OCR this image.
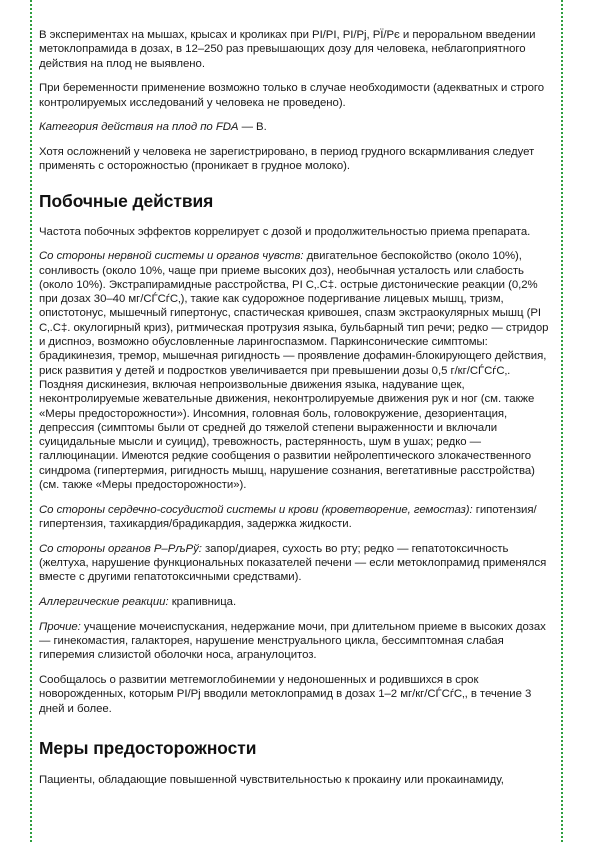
В экспериментах на мышах, крысах и кроликах при РІ/РІ, РІ/Рј, РЇ/Рє и пероральном введении метоклопрамида в дозах, в 12–250 раз превышающих дозу для человека, неблагоприятного действия на плод не выявлено.

При беременности применение возможно только в случае необходимости (адекватных и строго контролируемых исследований у человека не проведено).

Категория действия на плод по FDA — B.

Хотя осложнений у человека не зарегистрировано, в период грудного вскармливания следует применять с осторожностью (проникает в грудное молоко).

Побочные действия

Частота побочных эффектов коррелирует с дозой и продолжительностью приема препарата.

Со стороны нервной системы и органов чувств: двигательное беспокойство (около 10%), сонливость (около 10%, чаще при приеме высоких доз), необычная усталость или слабость (около 10%). Экстрапирамидные расстройства, РІ С‚.С‡. острые дистонические реакции (0,2% при дозах 30–40 мг/СЃСѓС‚), такие как судорожное подергивание лицевых мышц, тризм, опистотонус, мышечный гипертонус, спастическая кривошея, спазм экстраокулярных мышц (РІ С‚.С‡. окулогирный криз), ритмическая протрузия языка, бульбарный тип речи; редко — стридор и диспноэ, возможно обусловленные ларингоспазмом. Паркинсонические симптомы: брадикинезия, тремор, мышечная ригидность — проявление дофамин-блокирующего действия, риск развития у детей и подростков увеличивается при превышении дозы 0,5 г/кг/СЃСѓС‚. Поздняя дискинезия, включая непроизвольные движения языка, надувание щек, неконтролируемые жевательные движения, неконтролируемые движения рук и ног (см. также «Меры предосторожности»). Инсомния, головная боль, головокружение, дезориентация, депрессия (симптомы были от средней до тяжелой степени выраженности и включали суицидальные мысли и суицид), тревожность, растерянность, шум в ушах; редко — галлюцинации. Имеются редкие сообщения о развитии нейролептического злокачественного синдрома (гипертермия, ригидность мышц, нарушение сознания, вегетативные расстройства) (см. также «Меры предосторожности»).

Со стороны сердечно-сосудистой системы и крови (кроветворение, гемостаз): гипотензия/гипертензия, тахикардия/брадикардия, задержка жидкости.

Со стороны органов Р–РљРў: запор/диарея, сухость во рту; редко — гепатотоксичность (желтуха, нарушение функциональных показателей печени — если метоклопрамид применялся вместе с другими гепатотоксичными средствами).

Аллергические реакции: крапивница.

Прочие: учащение мочеиспускания, недержание мочи, при длительном приеме в высоких дозах — гинекомастия, галакторея, нарушение менструального цикла, бессимптомная слабая гиперемия слизистой оболочки носа, агранулоцитоз.

Сообщалось о развитии метгемоглобинемии у недоношенных и родившихся в срок новорожденных, которым РІ/Рј вводили метоклопрамид в дозах 1–2 мг/кг/СЃСѓС‚, в течение 3 дней и более.

Меры предосторожности

Пациенты, обладающие повышенной чувствительностью к прокаину или прокаинамиду,
